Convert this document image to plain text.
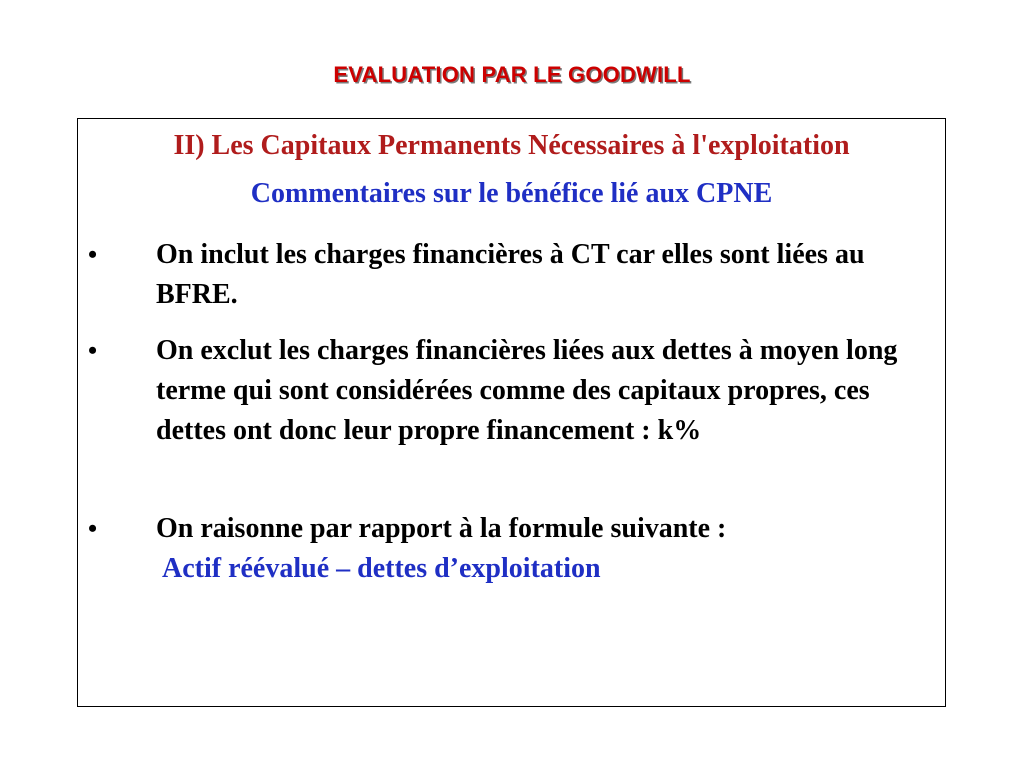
EVALUATION PAR LE GOODWILL
II) Les Capitaux Permanents Nécessaires à l'exploitation
Commentaires sur le bénéfice lié aux CPNE
• On inclut les charges financières à CT car elles sont liées au BFRE.
• On exclut les charges financières liées aux dettes à moyen long terme qui sont considérées comme des capitaux propres, ces dettes ont donc leur propre financement : k%
• On raisonne par rapport à la formule suivante :
Actif réévalué – dettes d’exploitation
